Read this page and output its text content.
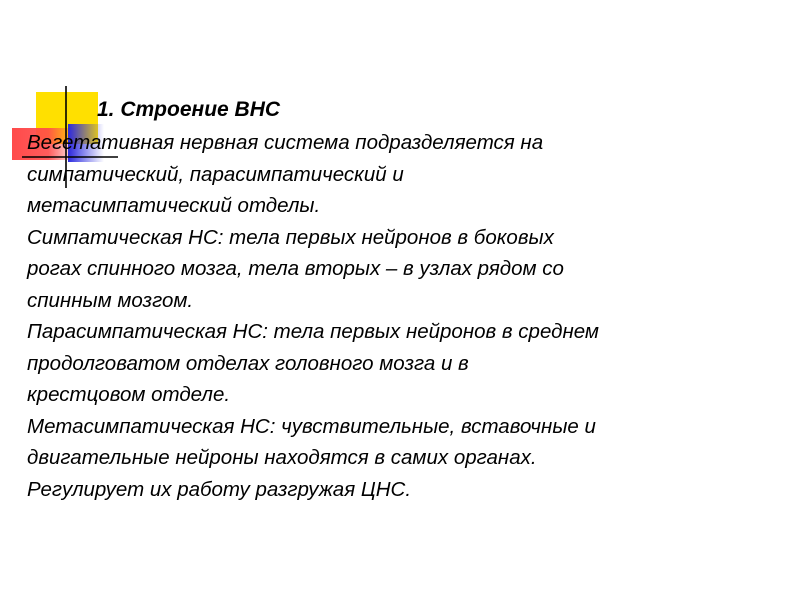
1. Строение ВНС

Вегетативная нервная система подразделяется на
симпатический, парасимпатический и
метасимпатический отделы.

Симпатическая НС: тела первых нейронов в боковых
рогах спинного мозга, тела вторых – в узлах рядом со
спинным мозгом.

Парасимпатическая НС: тела первых нейронов в среднем
продолговатом отделах головного мозга и в
крестцовом отделе.

Метасимпатическая НС: чувствительные, вставочные и
двигательные нейроны находятся в самих органах.
Регулирует их работу разгружая ЦНС.
